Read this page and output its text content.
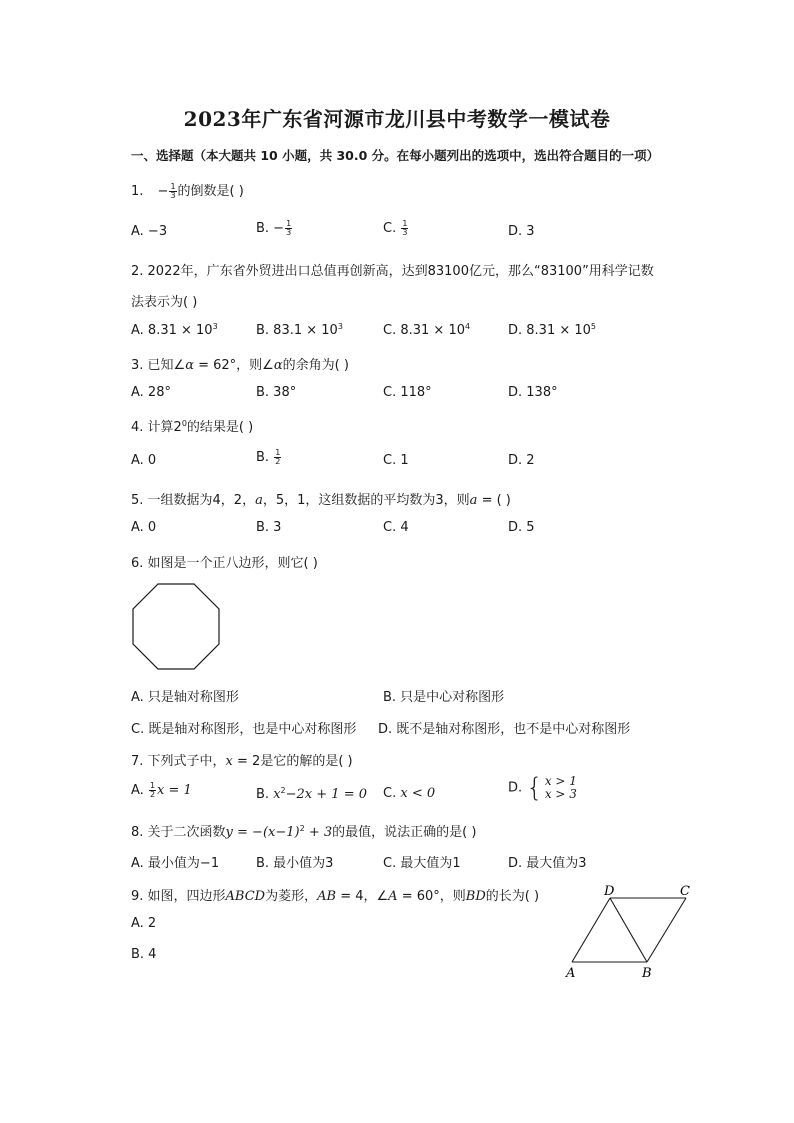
2023年广东省河源市龙川县中考数学一模试卷
一、选择题（本大题共 10 小题，共 30.0 分。在每小题列出的选项中，选出符合题目的一项）
1. − $\frac{1}{3}$ 的倒数是( )
A. −3	B. − $\frac{1}{3}$	C. $\frac{1}{3}$	D. 3
2. 2022年，广东省外贸进出口总值再创新高，达到83100亿元，那么“83100”用科学记数
法表示为( )
A. $8.31 \times 10^3$	B. $83.1 \times 10^3$	C. $8.31 \times 10^4$	D. $8.31 \times 10^5$
3. 已知∠α = 62°，则∠α的余角为( )
A. 28°	B. 38°	C. 118°	D. 138°
4. 计算$2^0$的结果是( )
A. 0	B. $\frac{1}{2}$	C. 1	D. 2
5. 一组数据为4，2，a，5，1，这组数据的平均数为3，则a = ( )
A. 0	B. 3	C. 4	D. 5
6. 如图是一个正八边形，则它( )
A. 只是轴对称图形	B. 只是中心对称图形
C. 既是轴对称图形，也是中心对称图形 D. 既不是轴对称图形，也不是中心对称图形
7. 下列式子中，x = 2是它的解的是( )
A. $\frac{1}{2}$ x = 1	B. $x^2-2x + 1 = 0$ C. x < 0	D. { x > 1
x > 3
8. 关于二次函数$y = -(x-1)^2 + 3$的最值，说法正确的是( )
A. 最小值为−1	B. 最小值为3	C. 最大值为1	D. 最大值为3
9. 如图，四边形ABCD为菱形，AB = 4，∠A = 60°，则BD的长为( )
A. 2
B. 4
D	C
A	B
